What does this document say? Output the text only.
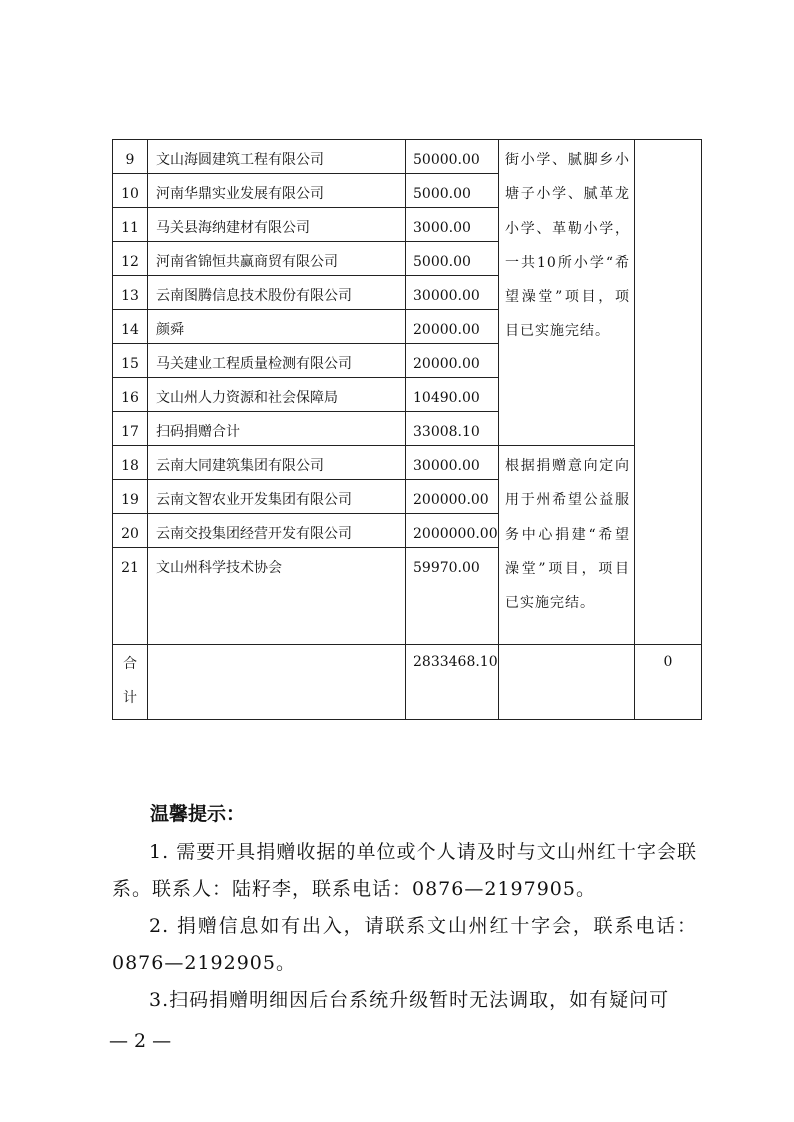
9	文山海圆建筑工程有限公司	50000.00	街小学、腻脚乡小塘子小学、腻革龙小学、革勒小学，一共10所小学“希望澡堂”项目，项目已实施完结。	

10	河南华鼎实业发展有限公司	5000.00		

11	马关县海纳建材有限公司	3000.00		

12	河南省锦恒共赢商贸有限公司	5000.00		

13	云南图腾信息技术股份有限公司	30000.00		

14	颜舜	20000.00		

15	马关建业工程质量检测有限公司	20000.00		

16	文山州人力资源和社会保障局	10490.00		

17	扫码捐赠合计	33008.10		

18	云南大同建筑集团有限公司	30000.00	根据捐赠意向定向用于州希望公益服务中心捐建“希望澡堂”项目，项目已实施完结。	

19	云南文智农业开发集团有限公司	200000.00		

20	云南交投集团经营开发有限公司	2000000.00		

21	文山州科学技术协会	59970.00		

合计		2833468.10		0
温馨提示：

1. 需要开具捐赠收据的单位或个人请及时与文山州红十字会联系。联系人：陆籽李，联系电话：0876—2197905。

2. 捐赠信息如有出入，请联系文山州红十字会，联系电话：0876—2192905。

3.扫码捐赠明细因后台系统升级暂时无法调取，如有疑问可

— 2 —
